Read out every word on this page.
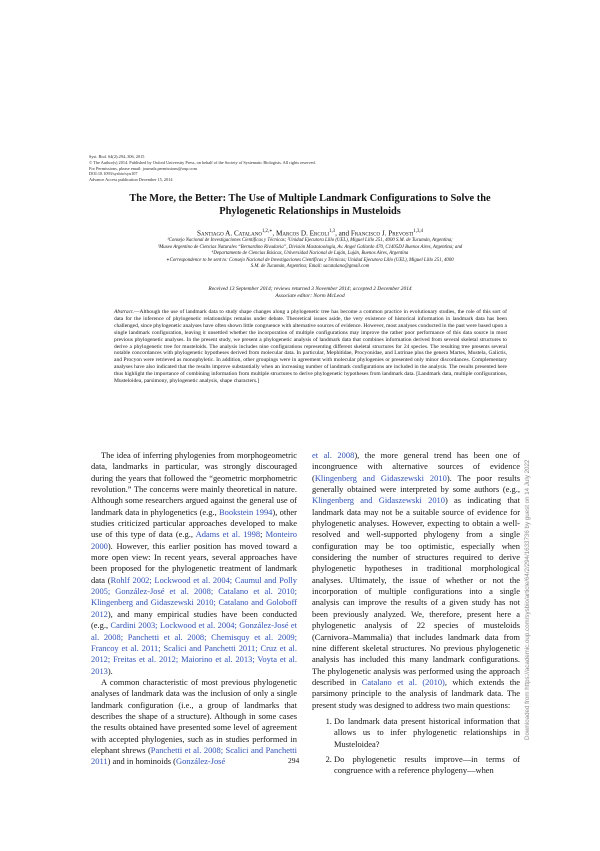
Syst. Biol. 64(2):294–306, 2015
© The Author(s) 2014. Published by Oxford University Press, on behalf of the Society of Systematic Biologists. All rights reserved.
For Permissions, please email: journals.permissions@oup.com
DOI:10.1093/sysbio/syu107
Advance Access publication December 15, 2014
The More, the Better: The Use of Multiple Landmark Configurations to Solve the
Phylogenetic Relationships in Musteloids
Santiago A. Catalano$^{1,2,∗}$, Marcos D. Ercoli$^{1,3}$, and Francisco J. Prevosti$^{1,3,4}$
¹Consejo Nacional de Investigaciones Científicas y Técnicas; ²Unidad Ejecutora Lillo (UEL), Miguel Lillo 251, 4000 S.M. de Tucumán, Argentina;
³Museo Argentino de Ciencias Naturales “Bernardino Rivadavia”, División Mastozoología, Av. Angel Gallardo 470, C1405DJ Buenos Aires, Argentina; and
⁴Departamento de Ciencias Básicas, Universidad Nacional de Luján, Luján, Buenos Aires, Argentina
∗Correspondence to be sent to: Consejo Nacional de Investigaciones Científicas y Técnicas; Unidad Ejecutora Lillo (UEL), Miguel Lillo 251, 4000
S.M. de Tucumán, Argentina; Email: sacatalano@gmail.com
Received 13 September 2014; reviews returned 3 November 2014; accepted 2 December 2014
Associate editor: Norm McLeod
Abstract.—Although the use of landmark data to study shape changes along a phylogenetic tree has become a common practice in evolutionary studies, the role of this sort of data for the inference of phylogenetic relationships remains under debate. Theoretical issues aside, the very existence of historical information in landmark data has been challenged, since phylogenetic analyses have often shown little congruence with alternative sources of evidence. However, most analyses conducted in the past were based upon a single landmark configuration, leaving it unsettled whether the incorporation of multiple configurations may improve the rather poor performance of this data source in most previous phylogenetic analyses. In the present study, we present a phylogenetic analysis of landmark data that combines information derived from several skeletal structures to derive a phylogenetic tree for musteloids. The analysis includes nine configurations representing different skeletal structures for 24 species. The resulting tree presents several notable concordances with phylogenetic hypotheses derived from molecular data. In particular, Mephitidae, Procyonidae, and Lutrinae plus the genera Martes, Mustela, Galictis, and Procyon were retrieved as monophyletic. In addition, other groupings were in agreement with molecular phylogenies or presented only minor discordances. Complementary analyses have also indicated that the results improve substantially when an increasing number of landmark configurations are included in the analysis. The results presented here thus highlight the importance of combining information from multiple structures to derive phylogenetic hypotheses from landmark data. [Landmark data, multiple configurations, Musteloidea, parsimony, phylogenetic analysis, shape characters.]

The idea of inferring phylogenies from morphogeometric data, landmarks in particular, was strongly discouraged during the years that followed the “geometric morphometric revolution.” The concerns were mainly theoretical in nature. Although some researchers argued against the general use of landmark data in phylogenetics (e.g., Bookstein 1994), other studies criticized particular approaches developed to make use of this type of data (e.g., Adams et al. 1998; Monteiro 2000). However, this earlier position has moved toward a more open view: In recent years, several approaches have been proposed for the phylogenetic treatment of landmark data (Rohlf 2002; Lockwood et al. 2004; Caumul and Polly 2005; González-José et al. 2008; Catalano et al. 2010; Klingenberg and Gidaszewski 2010; Catalano and Goloboff 2012), and many empirical studies have been conducted (e.g., Cardini 2003; Lockwood et al. 2004; González-José et al. 2008; Panchetti et al. 2008; Chemisquy et al. 2009; Francoy et al. 2011; Scalici and Panchetti 2011; Cruz et al. 2012; Freitas et al. 2012; Maiorino et al. 2013; Voyta et al. 2013).

A common characteristic of most previous phylogenetic analyses of landmark data was the inclusion of only a single landmark configuration (i.e., a group of landmarks that describes the shape of a structure). Although in some cases the results obtained have presented some level of agreement with accepted phylogenies, such as in studies performed in elephant shrews (Panchetti et al. 2008; Scalici and Panchetti 2011) and in hominoids (González-José

et al. 2008), the more general trend has been one of incongruence with alternative sources of evidence (Klingenberg and Gidaszewski 2010). The poor results generally obtained were interpreted by some authors (e.g., Klingenberg and Gidaszewski 2010) as indicating that landmark data may not be a suitable source of evidence for phylogenetic analyses. However, expecting to obtain a well-resolved and well-supported phylogeny from a single configuration may be too optimistic, especially when considering the number of structures required to derive phylogenetic hypotheses in traditional morphological analyses. Ultimately, the issue of whether or not the incorporation of multiple configurations into a single analysis can improve the results of a given study has not been previously analyzed. We, therefore, present here a phylogenetic analysis of 22 species of musteloids (Carnivora–Mammalia) that includes landmark data from nine different skeletal structures. No previous phylogenetic analysis has included this many landmark configurations. The phylogenetic analysis was performed using the approach described in Catalano et al. (2010), which extends the parsimony principle to the analysis of landmark data. The present study was designed to address two main questions:

1. Do landmark data present historical information that allows us to infer phylogenetic relationships in Musteloidea?
2. Do phylogenetic results improve—in terms of congruence with a reference phylogeny—when
294
Downloaded from https://academic.oup.com/sysbio/article/64/2/294/1633736 by guest on 14 July 2022
